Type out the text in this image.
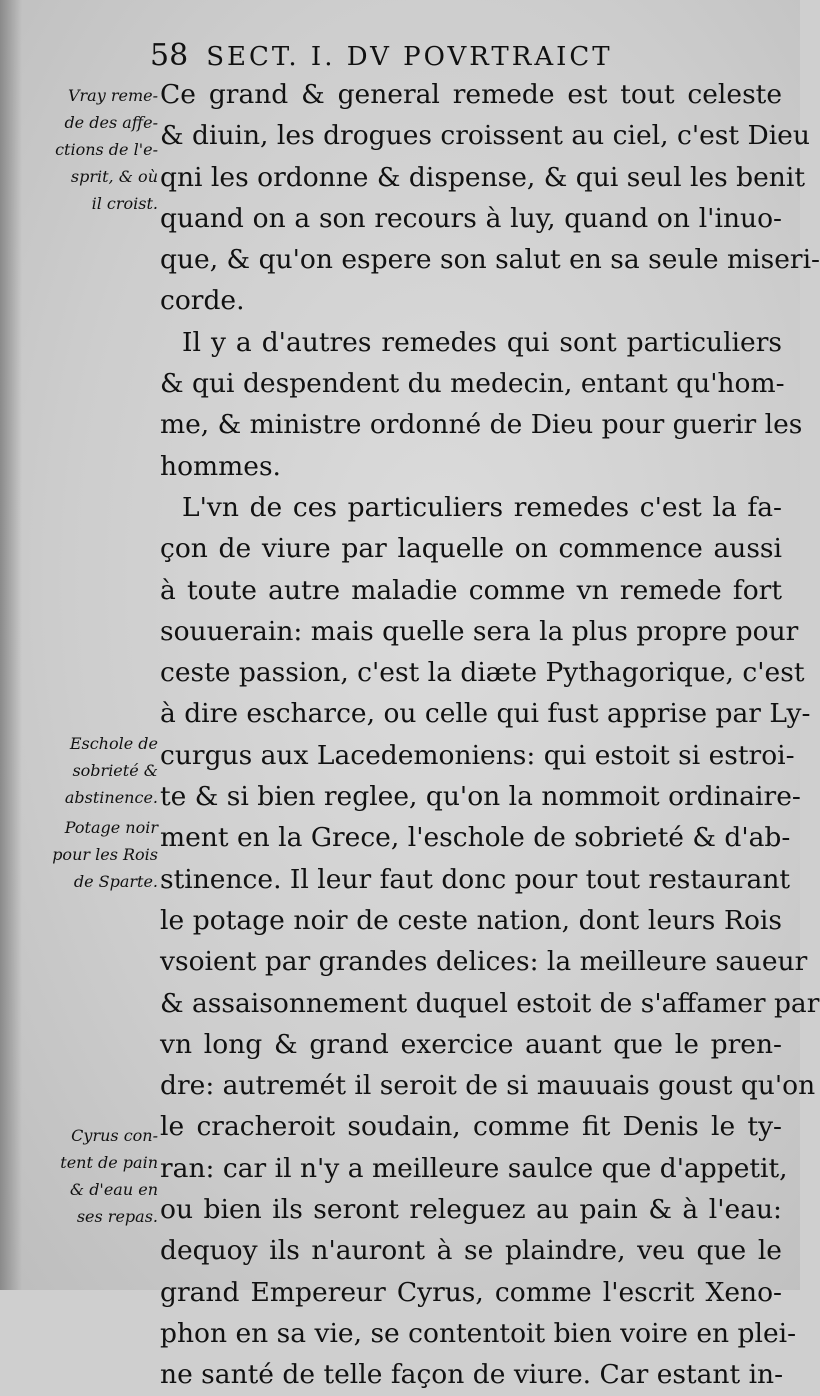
58 SECT. I. DV POVRTRAICT
Vray reme-
de des affe-
ctions de l'e-
sprit, & où
il croist.
Eschole de
sobrieté &
abstinence.
Potage noir
pour les Rois
de Sparte.
Cyrus con-
tent de pain
& d'eau en
ses repas.
Ce grand & general remede est tout celeste
& diuin, les drogues croissent au ciel, c'est Dieu
qni les ordonne & dispense, & qui seul les benit
quand on a son recours à luy, quand on l'inuo-
que, & qu'on espere son salut en sa seule miseri-
corde.
Il y a d'autres remedes qui sont particuliers
& qui despendent du medecin, entant qu'hom-
me, & ministre ordonné de Dieu pour guerir les
hommes.
L'vn de ces particuliers remedes c'est la fa-
çon de viure par laquelle on commence aussi
à toute autre maladie comme vn remede fort
souuerain: mais quelle sera la plus propre pour
ceste passion, c'est la diæte Pythagorique, c'est
à dire escharce, ou celle qui fust apprise par Ly-
curgus aux Lacedemoniens: qui estoit si estroi-
te & si bien reglee, qu'on la nommoit ordinaire-
ment en la Grece, l'eschole de sobrieté & d'ab-
stinence. Il leur faut donc pour tout restaurant
le potage noir de ceste nation, dont leurs Rois
vsoient par grandes delices: la meilleure saueur
& assaisonnement duquel estoit de s'affamer par
vn long & grand exercice auant que le pren-
dre: autremét il seroit de si mauuais goust qu'on
le cracheroit soudain, comme fit Denis le ty-
ran: car il n'y a meilleure saulce que d'appetit,
ou bien ils seront releguez au pain & à l'eau:
dequoy ils n'auront à se plaindre, veu que le
grand Empereur Cyrus, comme l'escrit Xeno-
phon en sa vie, se contentoit bien voire en plei-
ne santé de telle façon de viure. Car estant in-
